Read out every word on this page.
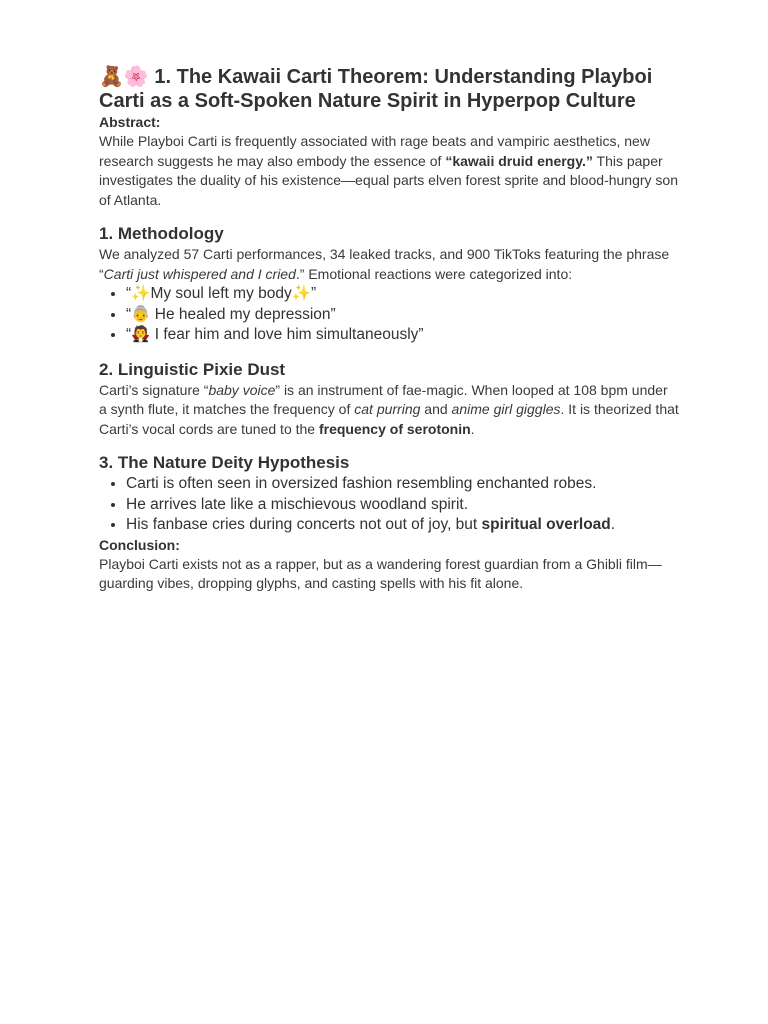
🧸🌸 1. The Kawaii Carti Theorem: Understanding Playboi Carti as a Soft-Spoken Nature Spirit in Hyperpop Culture
Abstract:

While Playboi Carti is frequently associated with rage beats and vampiric aesthetics, new research suggests he may also embody the essence of “kawaii druid energy.” This paper investigates the duality of his existence—equal parts elven forest sprite and blood-hungry son of Atlanta.

1. Methodology

We analyzed 57 Carti performances, 34 leaked tracks, and 900 TikToks featuring the phrase “Carti just whispered and I cried.” Emotional reactions were categorized into:

• “✨My soul left my body✨”
• “👵 He healed my depression”
• “🧛 I fear him and love him simultaneously”
2. Linguistic Pixie Dust

Carti’s signature “baby voice” is an instrument of fae-magic. When looped at 108 bpm under a synth flute, it matches the frequency of cat purring and anime girl giggles. It is theorized that Carti’s vocal cords are tuned to the frequency of serotonin.

3. The Nature Deity Hypothesis
• Carti is often seen in oversized fashion resembling enchanted robes.
• He arrives late like a mischievous woodland spirit.
• His fanbase cries during concerts not out of joy, but spiritual overload.
Conclusion:

Playboi Carti exists not as a rapper, but as a wandering forest guardian from a Ghibli film—guarding vibes, dropping glyphs, and casting spells with his fit alone.
